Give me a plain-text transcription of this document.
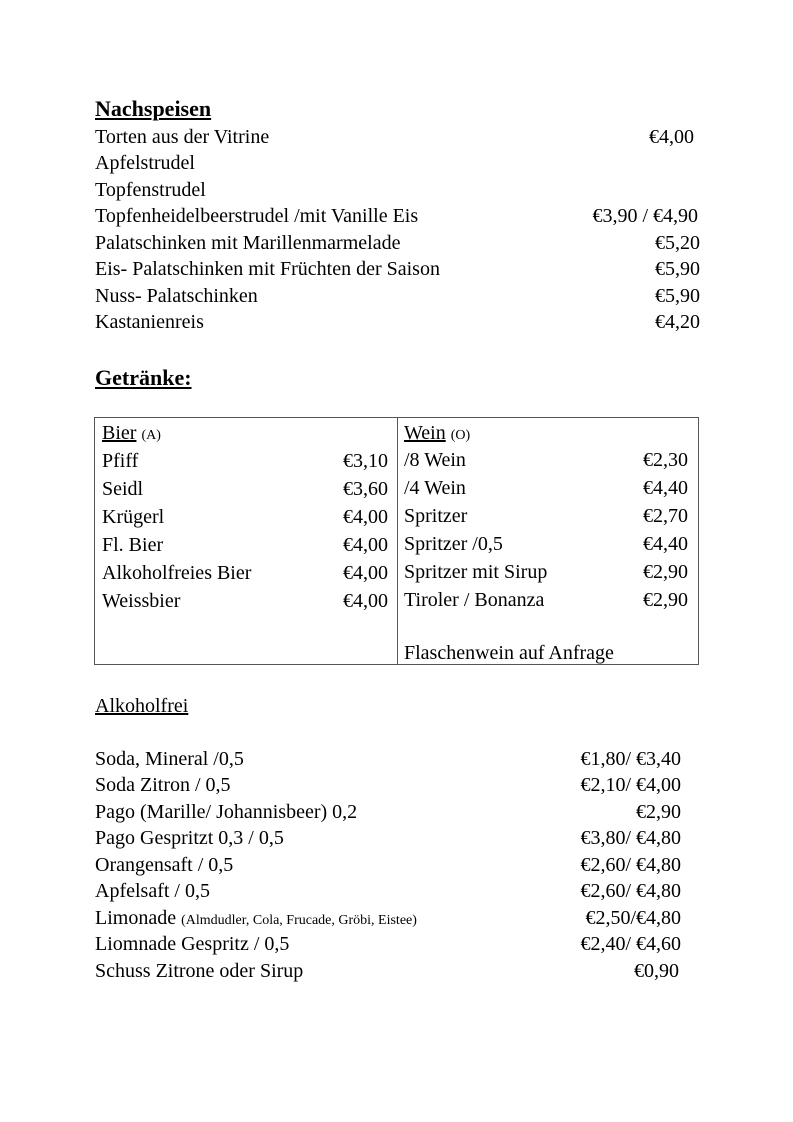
Nachspeisen
Torten aus der Vitrine	€4,00
Apfelstrudel
Topfenstrudel
Topfenheidelbeerstrudel /mit Vanille Eis	€3,90 / €4,90
Palatschinken mit Marillenmarmelade	€5,20
Eis- Palatschinken mit Früchten der Saison	€5,90
Nuss- Palatschinken	€5,90
Kastanienreis	€4,20
Getränke:
Bier (A)
Pfiff	€3,10
Seidl	€3,60
Krügerl	€4,00
Fl. Bier	€4,00
Alkoholfreies Bier	€4,00
Weissbier	€4,00
Wein (O)
/8 Wein	€2,30
/4 Wein	€4,40
Spritzer	€2,70
Spritzer /0,5	€4,40
Spritzer mit Sirup	€2,90
Tiroler / Bonanza	€2,90
Flaschenwein auf Anfrage
Alkoholfrei
Soda, Mineral /0,5	€1,80/ €3,40
Soda Zitron / 0,5	€2,10/ €4,00
Pago (Marille/ Johannisbeer) 0,2	€2,90
Pago Gespritzt 0,3 / 0,5	€3,80/ €4,80
Orangensaft / 0,5	€2,60/ €4,80
Apfelsaft / 0,5	€2,60/ €4,80
Limonade (Almdudler, Cola, Frucade, Gröbi, Eistee)	€2,50/€4,80
Liomnade Gespritz / 0,5	€2,40/ €4,60
Schuss Zitrone oder Sirup	€0,90
